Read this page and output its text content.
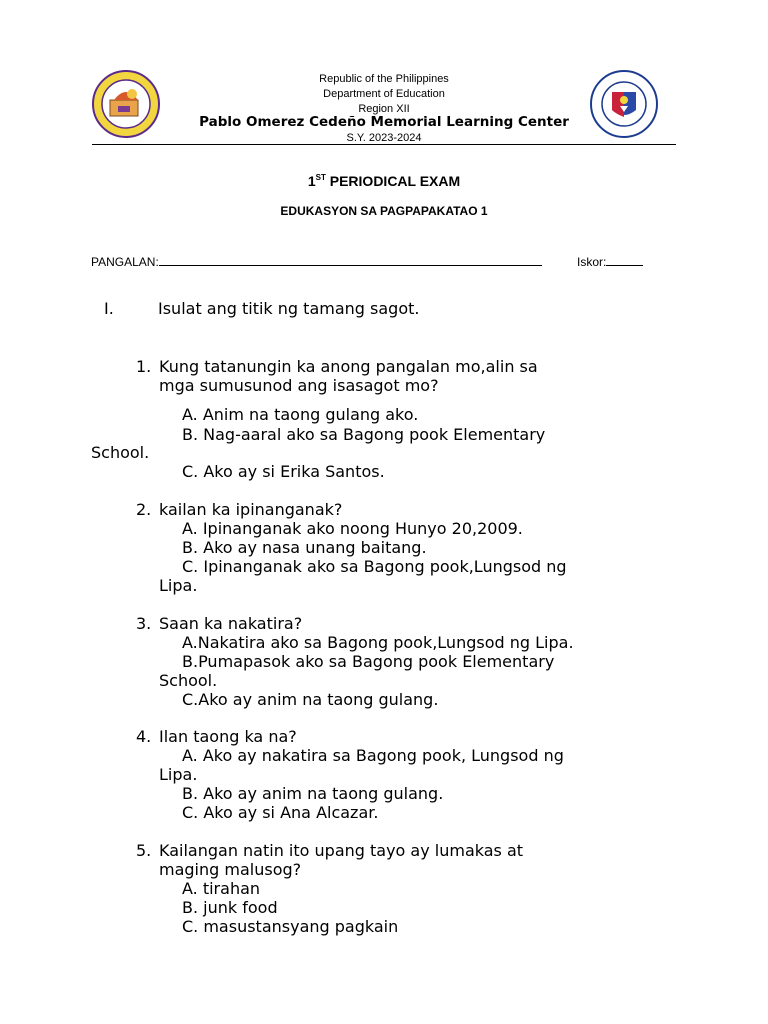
Republic of the Philippines
Department of Education
Region XII
Pablo Omerez Cedeño Memorial Learning Center
S.Y. 2023-2024
1ST PERIODICAL EXAM
EDUKASYON SA PAGPAPAKATAO 1
PANGALAN:	Iskor:
I.	Isulat ang titik ng tamang sagot.
1. Kung tatanungin ka anong pangalan mo,alin sa
mga sumusunod ang isasagot mo?
A. Anim na taong gulang ako.
B. Nag-aaral ako sa Bagong pook Elementary
School.
C. Ako ay si Erika Santos.
2. kailan ka ipinanganak?
A. Ipinanganak ako noong Hunyo 20,2009.
B. Ako ay nasa unang baitang.
C. Ipinanganak ako sa Bagong pook,Lungsod ng
Lipa.
3. Saan ka nakatira?
A.Nakatira ako sa Bagong pook,Lungsod ng Lipa.
B.Pumapasok ako sa Bagong pook Elementary
School.
C.Ako ay anim na taong gulang.
4. Ilan taong ka na?
A. Ako ay nakatira sa Bagong pook, Lungsod ng
Lipa.
B. Ako ay anim na taong gulang.
C. Ako ay si Ana Alcazar.
5. Kailangan natin ito upang tayo ay lumakas at
maging malusog?
A. tirahan
B. junk food
C. masustansyang pagkain
